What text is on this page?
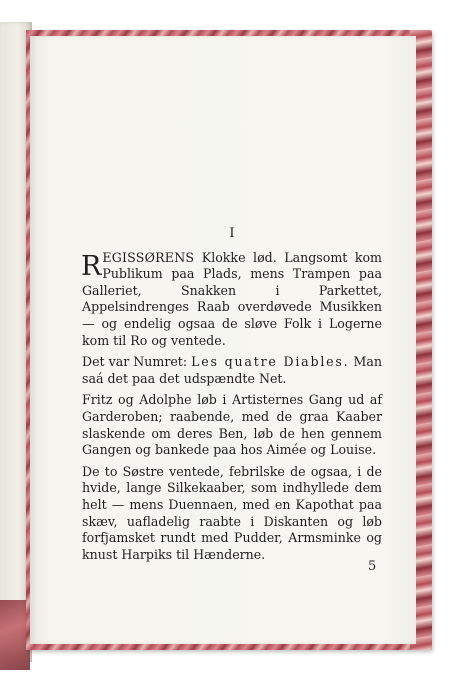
I

REGISSØRENS Klokke lød. Langsomt kom Publikum paa Plads, mens Trampen paa Galleriet, Snakken i Parkettet, Appelsindrenges Raab overdøvede Musikken — og endelig ogsaa de sløve Folk i Logerne kom til Ro og ventede.

Det var Numret: Les quatre Diables. Man saá det paa det udspændte Net.

Fritz og Adolphe løb i Artisternes Gang ud af Garderoben; raabende, med de graa Kaaber slaskende om deres Ben, løb de hen gennem Gangen og bankede paa hos Aimée og Louise.

De to Søstre ventede, febrilske de ogsaa, i de hvide, lange Silkekaaber, som indhyllede dem helt — mens Duennaen, med en Kapothat paa skæv, uafladelig raabte i Diskanten og løb forfjamsket rundt med Pudder, Armsminke og knust Harpiks til Hænderne.

5
